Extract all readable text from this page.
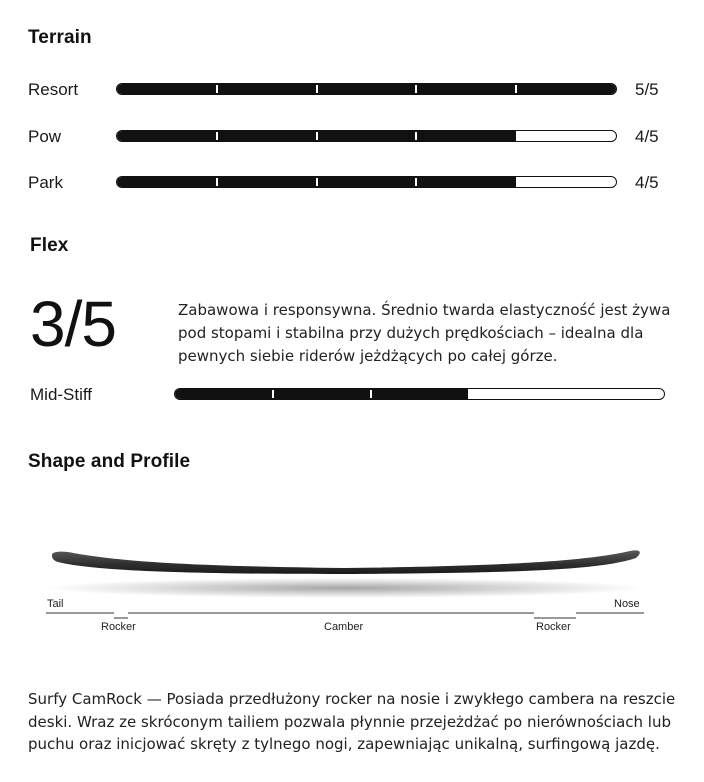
Terrain
Resort	5/5
Pow	4/5
Park	4/5
Flex
3/5	Zabawowa i responsywna. Średnio twarda elastyczność jest żywa pod stopami i stabilna przy dużych prędkościach – idealna dla pewnych siebie riderów jeżdżących po całej górze.
Mid-Stiff
Shape and Profile
Tail	Nose
Rocker	Camber	Rocker
Surfy CamRock — Posiada przedłużony rocker na nosie i zwykłego cambera na reszcie deski. Wraz ze skróconym tailiem pozwala płynnie przejeżdżać po nierównościach lub puchu oraz inicjować skręty z tylnego nogi, zapewniając unikalną, surfingową jazdę.
